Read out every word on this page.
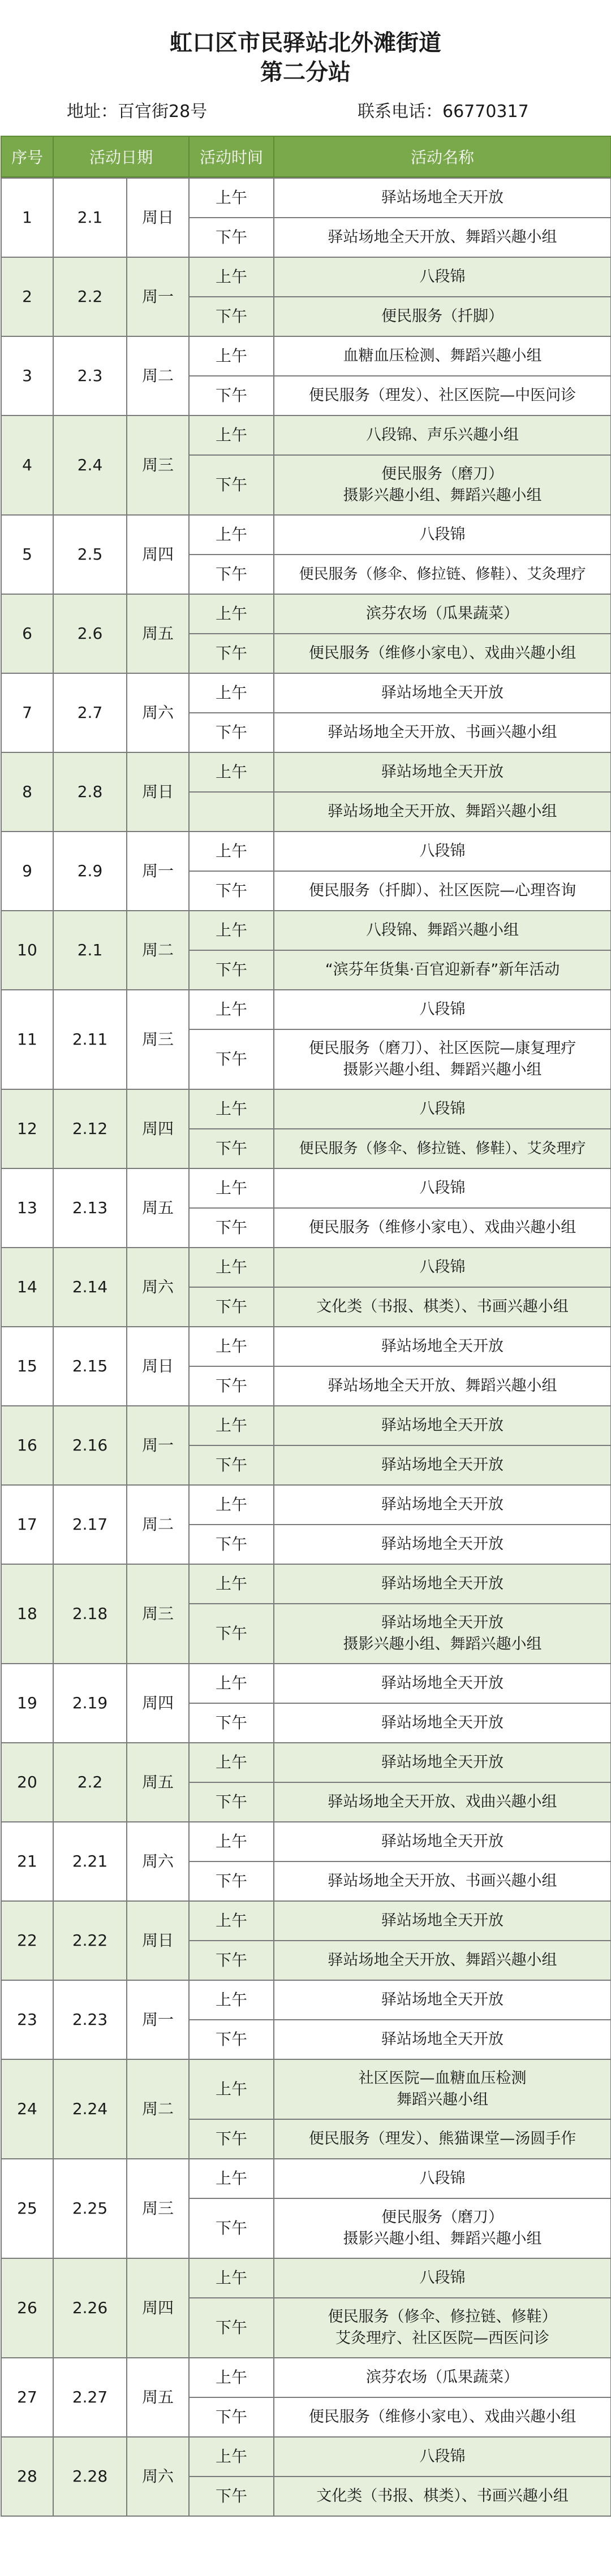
虹口区市民驿站北外滩街道
第二分站
地址：百官街28号	联系电话：66770317
序号	活动日期	活动时间	活动名称
1	2.1	周日	上午	驿站场地全天开放
			下午	驿站场地全天开放、舞蹈兴趣小组
2	2.2	周一	上午	八段锦
			下午	便民服务（扦脚）
3	2.3	周二	上午	血糖血压检测、舞蹈兴趣小组
			下午	便民服务（理发）、社区医院—中医问诊
4	2.4	周三	上午	八段锦、声乐兴趣小组
			下午	便民服务（磨刀）
摄影兴趣小组、舞蹈兴趣小组
5	2.5	周四	上午	八段锦
			下午	便民服务（修伞、修拉链、修鞋）、艾灸理疗
6	2.6	周五	上午	滨芬农场（瓜果蔬菜）
			下午	便民服务（维修小家电）、戏曲兴趣小组
7	2.7	周六	上午	驿站场地全天开放
			下午	驿站场地全天开放、书画兴趣小组
8	2.8	周日	上午	驿站场地全天开放
				驿站场地全天开放、舞蹈兴趣小组
9	2.9	周一	上午	八段锦
			下午	便民服务（扦脚）、社区医院—心理咨询
10	2.1	周二	上午	八段锦、舞蹈兴趣小组
			下午	“滨芬年货集·百官迎新春”新年活动
11	2.11	周三	上午	八段锦
			下午	便民服务（磨刀）、社区医院—康复理疗
摄影兴趣小组、舞蹈兴趣小组
12	2.12	周四	上午	八段锦
			下午	便民服务（修伞、修拉链、修鞋）、艾灸理疗
13	2.13	周五	上午	八段锦
			下午	便民服务（维修小家电）、戏曲兴趣小组
14	2.14	周六	上午	八段锦
			下午	文化类（书报、棋类）、书画兴趣小组
15	2.15	周日	上午	驿站场地全天开放
			下午	驿站场地全天开放、舞蹈兴趣小组
16	2.16	周一	上午	驿站场地全天开放
			下午	驿站场地全天开放
17	2.17	周二	上午	驿站场地全天开放
			下午	驿站场地全天开放
18	2.18	周三	上午	驿站场地全天开放
			下午	驿站场地全天开放
摄影兴趣小组、舞蹈兴趣小组
19	2.19	周四	上午	驿站场地全天开放
			下午	驿站场地全天开放
20	2.2	周五	上午	驿站场地全天开放
			下午	驿站场地全天开放、戏曲兴趣小组
21	2.21	周六	上午	驿站场地全天开放
			下午	驿站场地全天开放、书画兴趣小组
22	2.22	周日	上午	驿站场地全天开放
			下午	驿站场地全天开放、舞蹈兴趣小组
23	2.23	周一	上午	驿站场地全天开放
			下午	驿站场地全天开放
24	2.24	周二	上午	社区医院—血糖血压检测
舞蹈兴趣小组
			下午	便民服务（理发）、熊猫课堂—汤圆手作
25	2.25	周三	上午	八段锦
			下午	便民服务（磨刀）
摄影兴趣小组、舞蹈兴趣小组
26	2.26	周四	上午	八段锦
			下午	便民服务（修伞、修拉链、修鞋）
艾灸理疗、社区医院—西医问诊
27	2.27	周五	上午	滨芬农场（瓜果蔬菜）
			下午	便民服务（维修小家电）、戏曲兴趣小组
28	2.28	周六	上午	八段锦
			下午	文化类（书报、棋类）、书画兴趣小组
